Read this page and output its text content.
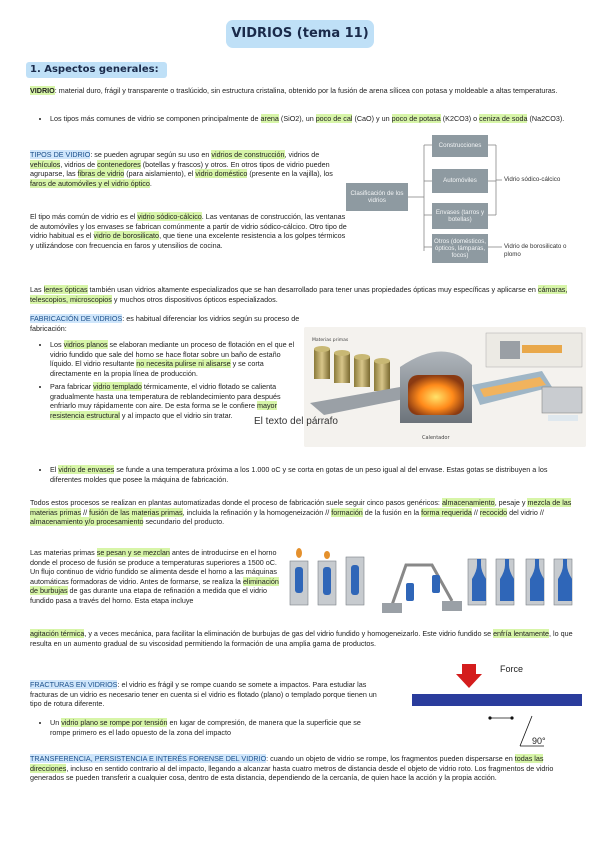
VIDRIOS (tema 11)
1. Aspectos generales:
VIDRIO: material duro, frágil y transparente o traslúcido, sin estructura cristalina, obtenido por la fusión de arena sílicea con potasa y moldeable a altas temperaturas.
• Los tipos más comunes de vidrio se componen principalmente de arena (SiO2), un poco de cal (CaO) y un poco de potasa (K2CO3) o ceniza de soda (Na2CO3).
TIPOS DE VIDRIO: se pueden agrupar según su uso en vidrios de construcción, vidrios de vehículos, vidrios de contenedores (botellas y frascos) y otros. En otros tipos de vidrio pueden agruparse, las fibras de vidrio (para aislamiento), el vidrio doméstico (presente en la vajilla), los faros de automóviles y el vidrio óptico.
El tipo más común de vidrio es el vidrio sódico-cálcico. Las ventanas de construcción, las ventanas de automóviles y los envases se fabrican comúnmente a partir de vidrio sódico-cálcico. Otro tipo de vidrio habitual es el vidrio de borosilicato, que tiene una excelente resistencia a los golpes térmicos y utilizándose con frecuencia en faros y utensilios de cocina.
Clasificación de los vidrios
Construcciones
Automóviles
Envases (tarros y botellas)
Otros (domésticos, ópticos, lámparas, focos)
Vidrio sódico-cálcico
Vidrio de borosilicato o plomo
Las lentes ópticas también usan vidrios altamente especializados que se han desarrollado para tener unas propiedades ópticas muy específicas y aplicarse en cámaras, telescopios, microscopios y muchos otros dispositivos ópticos especializados.
FABRICACIÓN DE VIDRIOS: es habitual diferenciar los vidrios según su proceso de fabricación:
• Los vidrios planos se elaboran mediante un proceso de flotación en el que el vidrio fundido que sale del horno se hace flotar sobre un baño de estaño líquido. El vidrio resultante no necesita pulirse ni alisarse y se corta directamente en la propia línea de producción.
• Para fabricar vidrio templado térmicamente, el vidrio flotado se calienta gradualmente hasta una temperatura de reblandecimiento para después enfriarlo muy rápidamente con aire. De esta forma se le confiere mayor resistencia estructural y al impacto que el vidrio sin tratar.
Calentador
Materias primas
El texto del párrafo
• El vidrio de envases se funde a una temperatura próxima a los 1.000 oC y se corta en gotas de un peso igual al del envase. Estas gotas se distribuyen a los diferentes moldes que posee la máquina de fabricación.
Todos estos procesos se realizan en plantas automatizadas donde el proceso de fabricación suele seguir cinco pasos genéricos: almacenamiento, pesaje y mezcla de las materias primas // fusión de las materias primas, incluida la refinación y la homogeneización // formación de la fusión en la forma requerida // recocido del vidrio // almacenamiento y/o procesamiento secundario del producto.
Las materias primas se pesan y se mezclan antes de introducirse en el horno donde el proceso de fusión se produce a temperaturas superiores a 1500 oC. Un flujo continuo de vidrio fundido se alimenta desde el horno a las máquinas automáticas formadoras de vidrio. Antes de formarse, se realiza la eliminación de burbujas de gas durante una etapa de refinación a medida que el vidrio fundido pasa a través del horno. Esta etapa incluye
agitación térmica, y a veces mecánica, para facilitar la eliminación de burbujas de gas del vidrio fundido y homogeneizarlo. Este vidrio fundido se enfría lentamente, lo que resulta en un aumento gradual de su viscosidad permitiendo la formación de una amplia gama de productos.
FRACTURAS EN VIDRIOS: el vidrio es frágil y se rompe cuando se somete a impactos. Para estudiar las fracturas de un vidrio es necesario tener en cuenta si el vidrio es flotado (plano) o templado porque tienen un tipo de rotura diferente.
• Un vidrio plano se rompe por tensión en lugar de compresión, de manera que la superficie que se rompe primero es el lado opuesto de la zona del impacto
Force
90°
TRANSFERENCIA, PERSISTENCIA E INTERÉS FORENSE DEL VIDRIO: cuando un objeto de vidrio se rompe, los fragmentos pueden dispersarse en todas las direcciones, incluso en sentido contrario al del impacto, llegando a alcanzar hasta cuatro metros de distancia desde el objeto de vidrio roto. Los fragmentos de vidrio generados se pueden transferir a cualquier cosa, dentro de esta distancia, dependiendo de la cercanía, de quien hace la acción y la propia acción.
